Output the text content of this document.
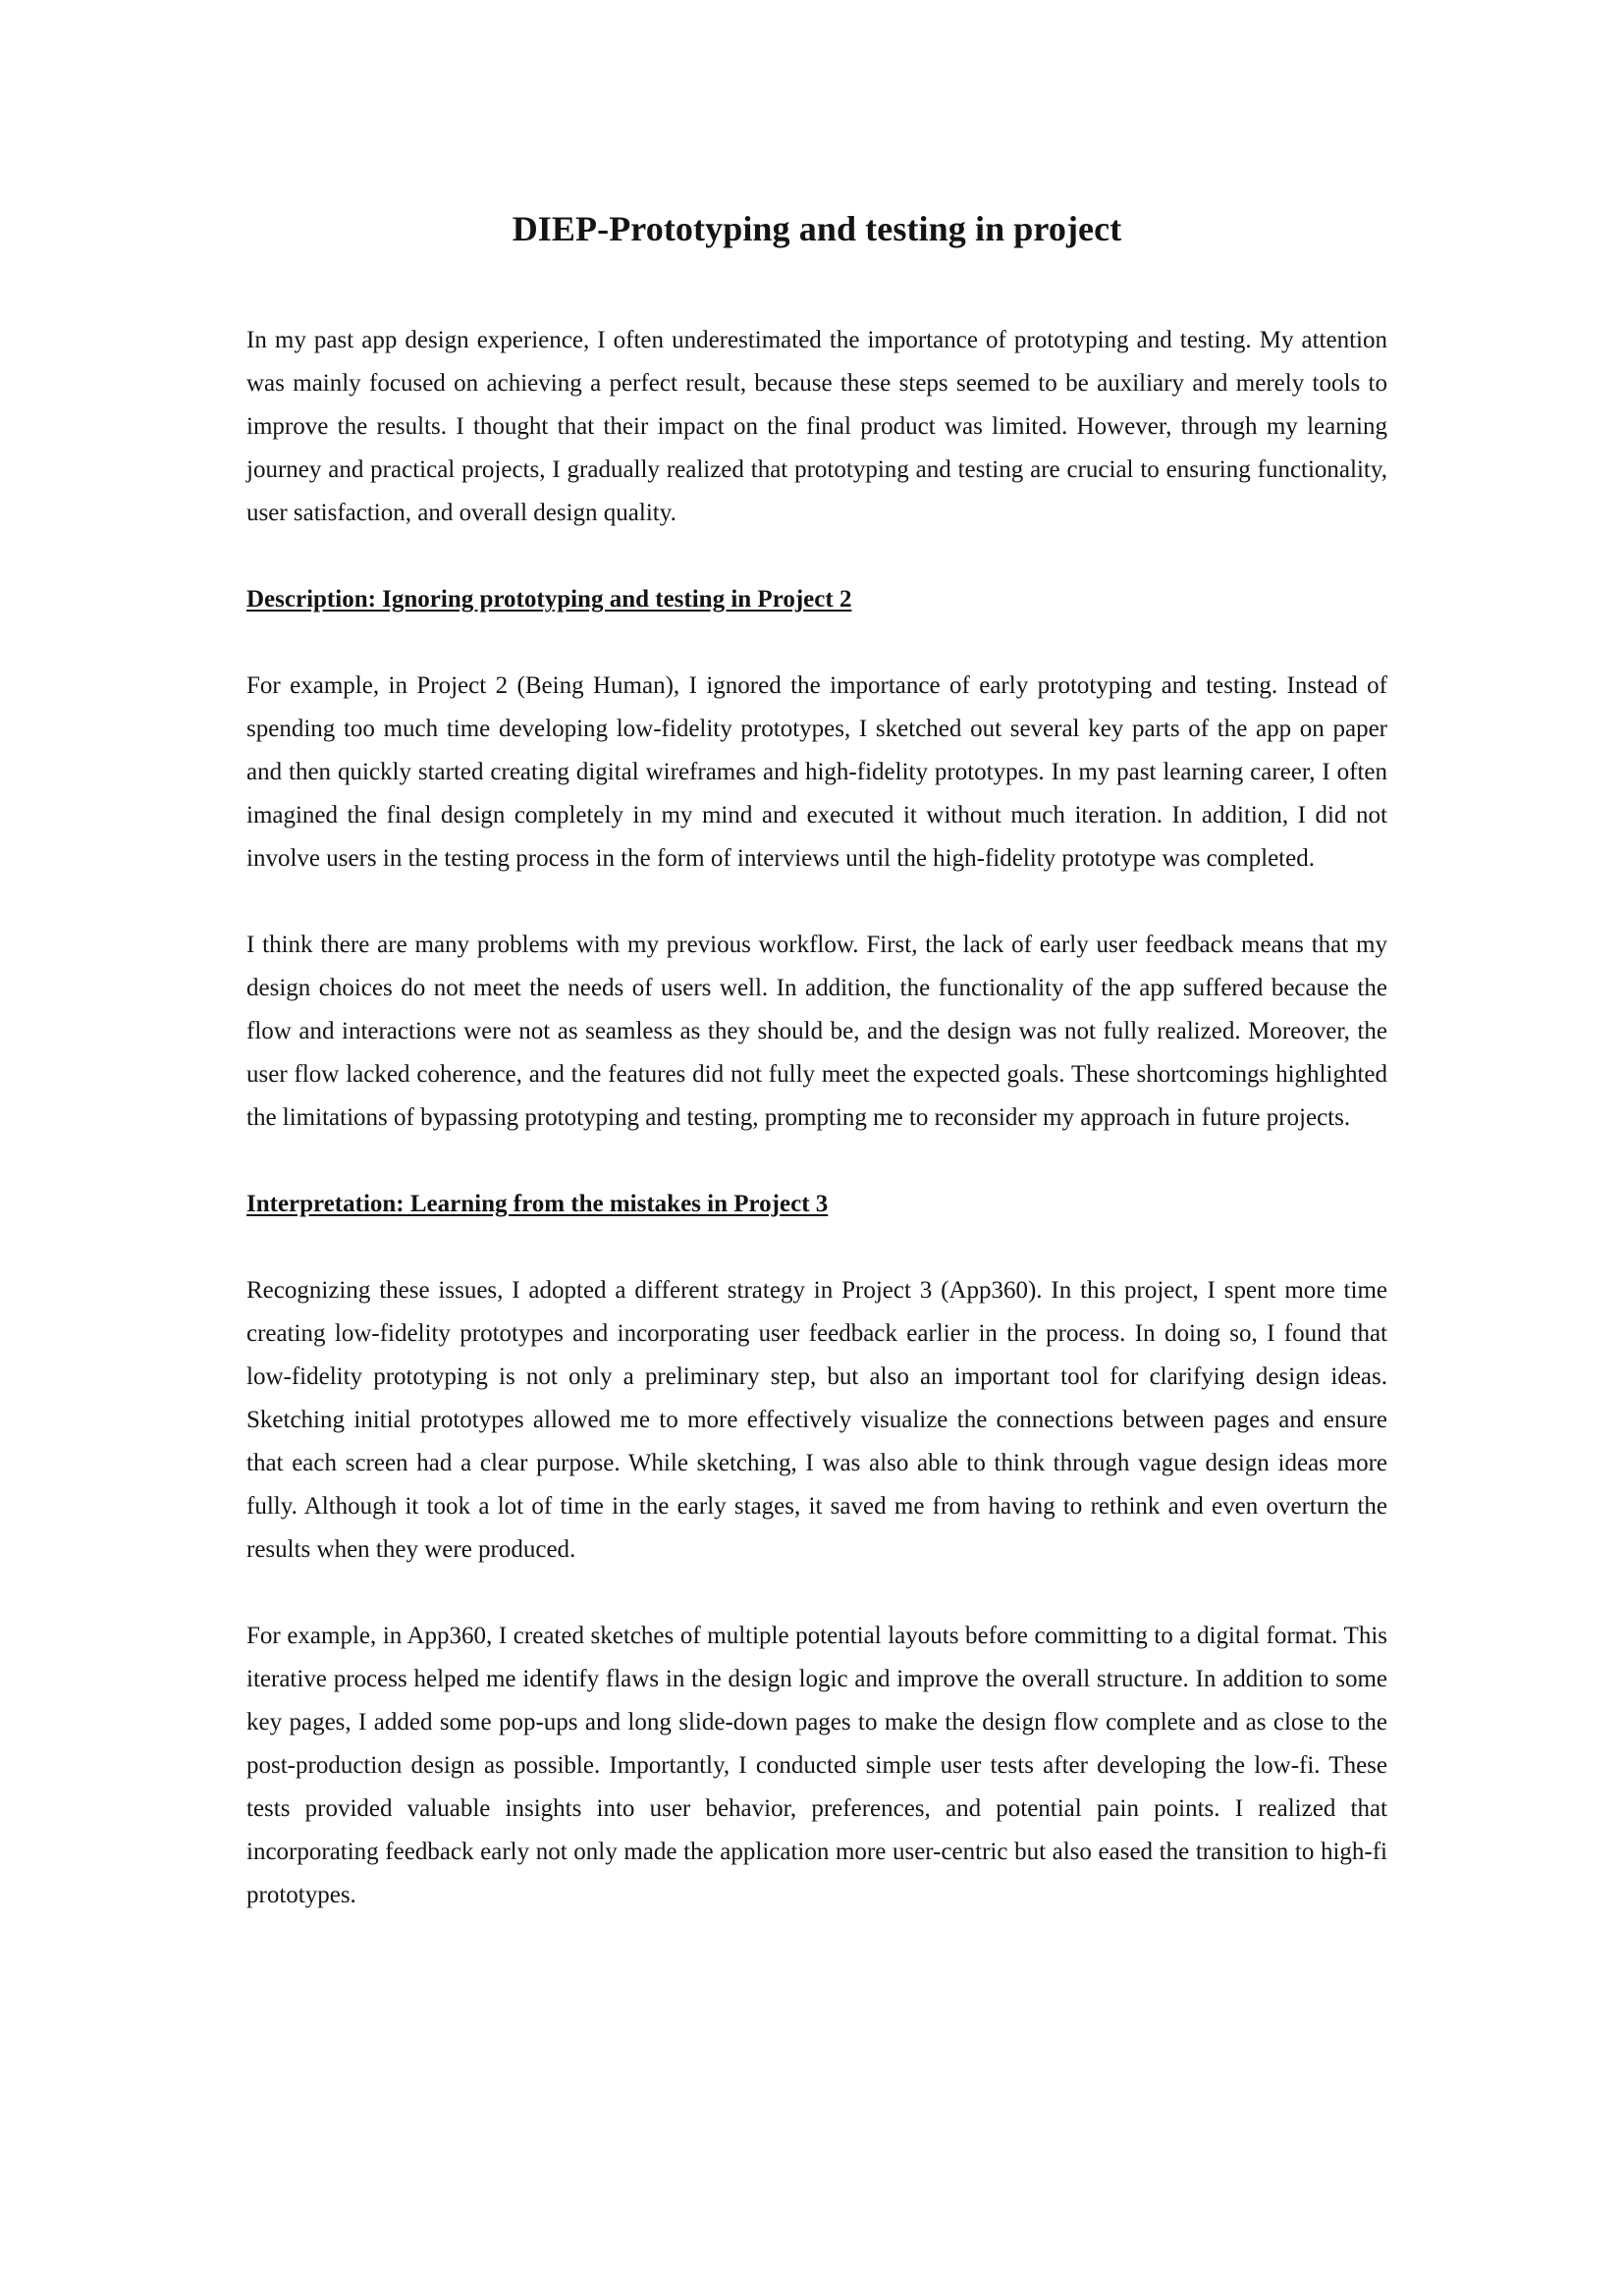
DIEP-Prototyping and testing in project

In my past app design experience, I often underestimated the importance of prototyping and testing. My attention was mainly focused on achieving a perfect result, because these steps seemed to be auxiliary and merely tools to improve the results. I thought that their impact on the final product was limited. However, through my learning journey and practical projects, I gradually realized that prototyping and testing are crucial to ensuring functionality, user satisfaction, and overall design quality.

Description: Ignoring prototyping and testing in Project 2

For example, in Project 2 (Being Human), I ignored the importance of early prototyping and testing. Instead of spending too much time developing low-fidelity prototypes, I sketched out several key parts of the app on paper and then quickly started creating digital wireframes and high-fidelity prototypes. In my past learning career, I often imagined the final design completely in my mind and executed it without much iteration. In addition, I did not involve users in the testing process in the form of interviews until the high-fidelity prototype was completed.

I think there are many problems with my previous workflow. First, the lack of early user feedback means that my design choices do not meet the needs of users well. In addition, the functionality of the app suffered because the flow and interactions were not as seamless as they should be, and the design was not fully realized. Moreover, the user flow lacked coherence, and the features did not fully meet the expected goals. These shortcomings highlighted the limitations of bypassing prototyping and testing, prompting me to reconsider my approach in future projects.

Interpretation: Learning from the mistakes in Project 3

Recognizing these issues, I adopted a different strategy in Project 3 (App360). In this project, I spent more time creating low-fidelity prototypes and incorporating user feedback earlier in the process. In doing so, I found that low-fidelity prototyping is not only a preliminary step, but also an important tool for clarifying design ideas. Sketching initial prototypes allowed me to more effectively visualize the connections between pages and ensure that each screen had a clear purpose. While sketching, I was also able to think through vague design ideas more fully. Although it took a lot of time in the early stages, it saved me from having to rethink and even overturn the results when they were produced.

For example, in App360, I created sketches of multiple potential layouts before committing to a digital format. This iterative process helped me identify flaws in the design logic and improve the overall structure. In addition to some key pages, I added some pop-ups and long slide-down pages to make the design flow complete and as close to the post-production design as possible. Importantly, I conducted simple user tests after developing the low-fi. These tests provided valuable insights into user behavior, preferences, and potential pain points. I realized that incorporating feedback early not only made the application more user-centric but also eased the transition to high-fi prototypes.
